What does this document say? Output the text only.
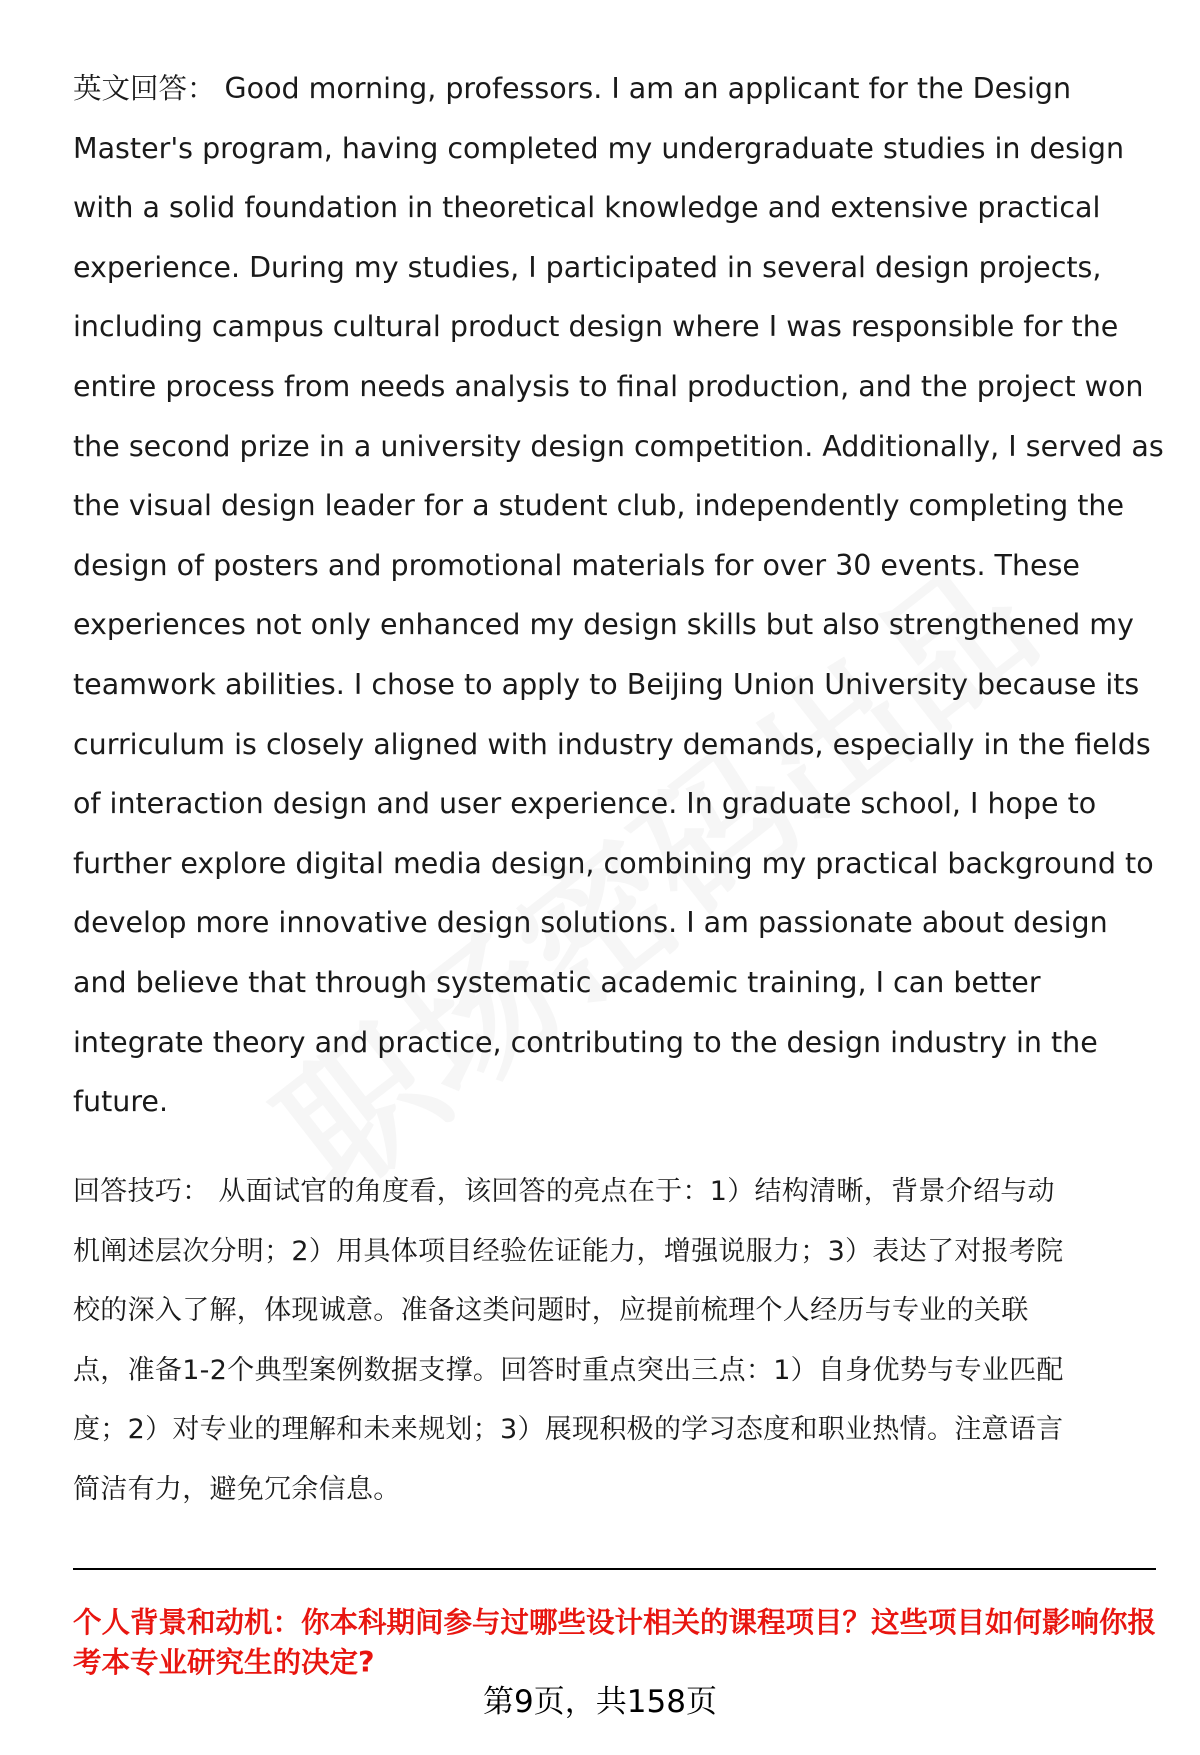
英文回答： Good morning, professors. I am an applicant for the Design
Master's program, having completed my undergraduate studies in design
with a solid foundation in theoretical knowledge and extensive practical
experience. During my studies, I participated in several design projects,
including campus cultural product design where I was responsible for the
entire process from needs analysis to final production, and the project won
the second prize in a university design competition. Additionally, I served as
the visual design leader for a student club, independently completing the
design of posters and promotional materials for over 30 events. These
experiences not only enhanced my design skills but also strengthened my
teamwork abilities. I chose to apply to Beijing Union University because its
curriculum is closely aligned with industry demands, especially in the fields
of interaction design and user experience. In graduate school, I hope to
further explore digital media design, combining my practical background to
develop more innovative design solutions. I am passionate about design
and believe that through systematic academic training, I can better
integrate theory and practice, contributing to the design industry in the
future.
回答技巧： 从面试官的角度看，该回答的亮点在于：1）结构清晰，背景介绍与动
机阐述层次分明；2）用具体项目经验佐证能力，增强说服力；3）表达了对报考院
校的深入了解，体现诚意。准备这类问题时，应提前梳理个人经历与专业的关联
点，准备1-2个典型案例数据支撑。回答时重点突出三点：1）自身优势与专业匹配
度；2）对专业的理解和未来规划；3）展现积极的学习态度和职业热情。注意语言
简洁有力，避免冗余信息。
个人背景和动机：你本科期间参与过哪些设计相关的课程项目？这些项目如何影响你报考本专业研究生的决定?
第9页，共158页
